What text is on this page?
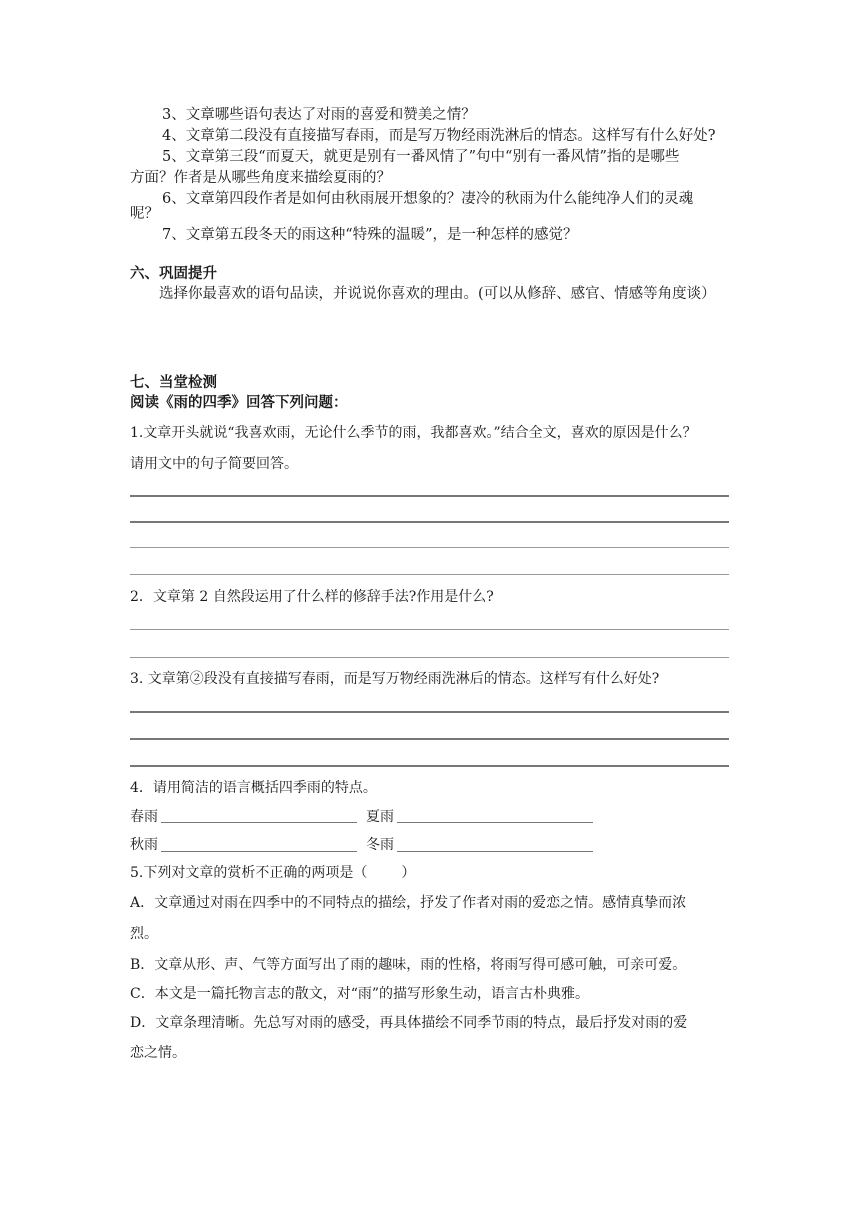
3、文章哪些语句表达了对雨的喜爱和赞美之情？

4、文章第二段没有直接描写春雨，而是写万物经雨洗淋后的情态。这样写有什么好处?

5、文章第三段“而夏天，就更是别有一番风情了”句中“别有一番风情”指的是哪些

方面？作者是从哪些角度来描绘夏雨的？

6、文章第四段作者是如何由秋雨展开想象的？凄冷的秋雨为什么能纯净人们的灵魂

呢？

7、文章第五段冬天的雨这种“特殊的温暖”，是一种怎样的感觉？

六、巩固提升

选择你最喜欢的语句品读，并说说你喜欢的理由。(可以从修辞、感官、情感等角度谈）

七、当堂检测

阅读《雨的四季》回答下列问题：

1.文章开头就说“我喜欢雨，无论什么季节的雨，我都喜欢。”结合全文，喜欢的原因是什么？

请用文中的句子简要回答。

2．文章第 2 自然段运用了什么样的修辞手法?作用是什么?

3. 文章第②段没有直接描写春雨，而是写万物经雨洗淋后的情态。这样写有什么好处?

4．请用简洁的语言概括四季雨的特点。

春雨	夏雨

秋雨	冬雨

5.下列对文章的赏析不正确的两项是（ ）

A．文章通过对雨在四季中的不同特点的描绘，抒发了作者对雨的爱恋之情。感情真挚而浓

烈。

B．文章从形、声、气等方面写出了雨的趣味，雨的性格，将雨写得可感可触，可亲可爱。

C．本文是一篇托物言志的散文，对“雨”的描写形象生动，语言古朴典雅。

D．文章条理清晰。先总写对雨的感受，再具体描绘不同季节雨的特点，最后抒发对雨的爱

恋之情。
